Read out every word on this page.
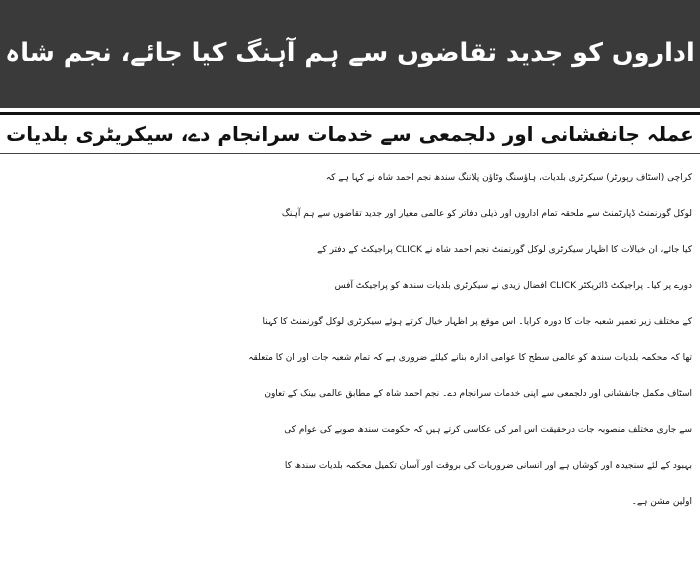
اداروں کو جدید تقاضوں سے ہم آہنگ کیا جائے، نجم شاہ
عملہ جانفشانی اور دلجمعی سے خدمات سرانجام دے، سیکریٹری بلدیات
کراچی (اسٹاف رپورٹر) سیکرٹری بلدیات، ہاؤسنگ وٹاؤن پلاننگ سندھ نجم احمد شاہ نے کہا ہے کہ
لوکل گورنمنٹ ڈپارٹمنٹ سے ملحقہ تمام اداروں اور ذیلی دفاتر کو عالمی معیار اور جدید تقاضوں سے ہم آہنگ
کیا جائے، ان خیالات کا اظہار سیکرٹری لوکل گورنمنٹ نجم احمد شاہ نے CLICK پراجیکٹ کے دفتر کے
دورے پر کیا۔ پراجیکٹ ڈائریکٹر CLICK افضال زیدی نے سیکرٹری بلدیات سندھ کو پراجیکٹ آفس
کے مختلف زیر تعمیر شعبہ جات کا دورہ کرایا۔ اس موقع پر اظہار خیال کرتے ہوئے سیکرٹری لوکل گورنمنٹ کا کہنا
تھا کہ محکمہ بلدیات سندھ کو عالمی سطح کا عوامی ادارہ بنانے کیلئے ضروری ہے کہ تمام شعبہ جات اور ان کا متعلقہ
اسٹاف مکمل جانفشانی اور دلجمعی سے اپنی خدمات سرانجام دے۔ نجم احمد شاہ کے مطابق عالمی بینک کے تعاون
سے جاری مختلف منصوبہ جات درحقیقت اس امر کی عکاسی کرتے ہیں کہ حکومت سندھ صوبے کی عوام کی
بہبود کے لئے سنجیدہ اور کوشاں ہے اور انسانی ضروریات کی بروقت اور آسان تکمیل محکمہ بلدیات سندھ کا
اولین مشن ہے۔
